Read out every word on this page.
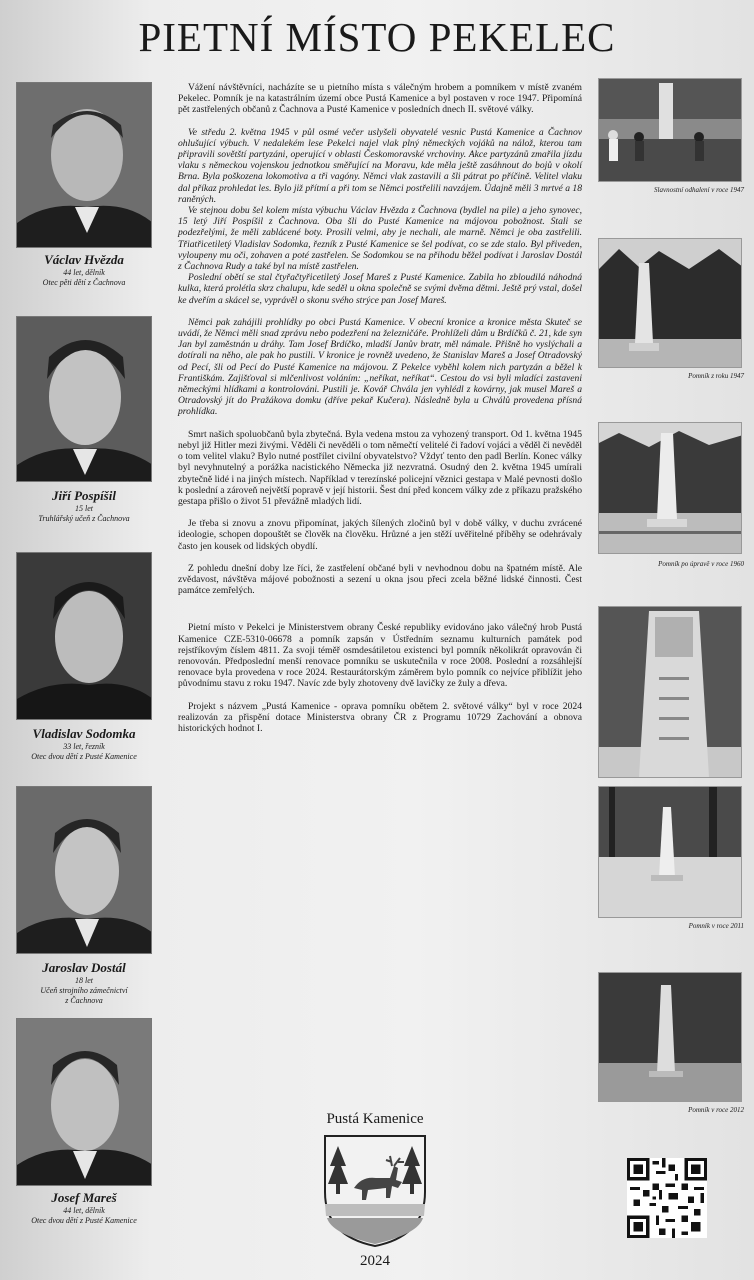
PIETNÍ MÍSTO PEKELEC
Václav Hvězda
44 let, dělník
Otec pěti dětí z Čachnova
Jiří Pospíšil
15 let
Truhlářský učeň z Čachnova
Vladislav Sodomka
33 let, řezník
Otec dvou dětí z Pusté Kamenice
Jaroslav Dostál
18 let
Učeň strojního zámečnictví
z Čachnova
Josef Mareš
44 let, dělník
Otec dvou dětí z Pusté Kamenice

Vážení návštěvníci, nacházíte se u pietního místa s válečným hrobem a pomníkem v místě zvaném Pekelec. Pomník je na katastrálním území obce Pustá Kamenice a byl postaven v roce 1947. Připomíná pět zastřelených občanů z Čachnova a Pusté Kamenice v posledních dnech II. světové války.

Ve středu 2. května 1945 v půl osmé večer uslyšeli obyvatelé vesnic Pustá Kamenice a Čachnov ohlušující výbuch. V nedalekém lese Pekelci najel vlak plný německých vojáků na nálož, kterou tam připravili sovětští partyzáni, operující v oblasti Českomoravské vrchoviny. Akce partyzánů zmařila jízdu vlaku s německou vojenskou jednotkou směřující na Moravu, kde měla ještě zasáhnout do bojů v okolí Brna. Byla poškozena lokomotiva a tři vagóny. Němci vlak zastavili a šli pátrat po příčině. Velitel vlaku dal příkaz prohledat les. Bylo již přítmí a při tom se Němci postřelili navzájem. Údajně měli 3 mrtvé a 18 raněných.

Ve stejnou dobu šel kolem místa výbuchu Václav Hvězda z Čachnova (bydlel na pile) a jeho synovec, 15 letý Jiří Pospíšil z Čachnova. Oba šli do Pusté Kamenice na májovou pobožnost. Stali se podezřelými, že měli zablácené boty. Prosili velmi, aby je nechali, ale marně. Němci je oba zastřelili. Třiatřicetiletý Vladislav Sodomka, řezník z Pusté Kamenice se šel podívat, co se zde stalo. Byl přiveden, vyloupeny mu oči, zohaven a poté zastřelen. Se Sodomkou se na přihodu běžel podívat i Jaroslav Dostál z Čachnova Rudy a také byl na místě zastřelen.

Poslední obětí se stal čtyřačtyřicetiletý Josef Mareš z Pusté Kamenice. Zabila ho zbloudilá náhodná kulka, která prolétla skrz chalupu, kde seděl u okna společně se svými dvěma dětmi. Ještě prý vstal, došel ke dveřím a skácel se, vyprávěl o skonu svého strýce pan Josef Mareš.

Němci pak zahájili prohlídky po obci Pustá Kamenice. V obecní kronice a kronice města Skuteč se uvádí, že Němci měli snad zprávu nebo podezření na železničáře. Prohlíželi dům u Brdíčků č. 21, kde syn Jan byl zaměstnán u dráhy. Tam Josef Brdíčko, mladší Janův bratr, měl námale. Přišně ho vyslýchali a dotírali na něho, ale pak ho pustili. V kronice je rovněž uvedeno, že Stanislav Mareš a Josef Otradovský od Pecí, šli od Pecí do Pusté Kamenice na májovou. Z Pekelce vyběhl kolem nich partyzán a běžel k Františkám. Zajišťoval si mlčenlivost voláním: „neříkat, neříkat“. Cestou do vsi byli mladíci zastaveni německými hlídkami a kontrolováni. Pustili je. Kovář Chvála jen vyhlédl z kovárny, jak musel Mareš a Otradovský jít do Pražákova domku (dříve pekař Kučera). Následně byla u Chválů provedena přísná prohlídka.

Smrt našich spoluobčanů byla zbytečná. Byla vedena mstou za vyhozený transport. Od 1. května 1945 nebyl již Hitler mezi živými. Věděli či nevěděli o tom němečtí velitelé či řadoví vojáci a věděl či nevěděl o tom velitel vlaku? Bylo nutné postřílet civilní obyvatelstvo? Vždyť tento den padl Berlín. Konec války byl nevyhnutelný a porážka nacistického Německa již nezvratná. Osudný den 2. května 1945 umírali zbytečně lidé i na jiných místech. Například v terezínské policejní věznici gestapa v Malé pevnosti došlo k poslední a zároveň největší popravě v její historii. Šest dní před koncem války zde z příkazu pražského gestapa přišlo o život 51 převážně mladých lidí.

Je třeba si znovu a znovu připomínat, jakých šílených zločinů byl v době války, v duchu zvrácené ideologie, schopen dopouštět se člověk na člověku. Hrůzné a jen stěží uvěřitelné příběhy se odehrávaly často jen kousek od lidských obydlí.

Z pohledu dnešní doby lze říci, že zastřelení občané byli v nevhodnou dobu na špatném místě. Ale zvědavost, návštěva májové pobožnosti a sezení u okna jsou přeci zcela běžné lidské činnosti. Čest památce zemřelých.

Pietní místo v Pekelci je Ministerstvem obrany České republiky evidováno jako válečný hrob Pustá Kamenice CZE-5310-06678 a pomník zapsán v Ústředním seznamu kulturních památek pod rejstříkovým číslem 4811. Za svoji téměř osmdesátiletou existenci byl pomník několikrát opravován či renovován. Předposlední menší renovace pomníku se uskutečnila v roce 2008. Poslední a rozsáhlejší renovace byla provedena v roce 2024. Restaurátorským záměrem bylo pomník co nejvíce přiblížit jeho původnímu stavu z roku 1947. Navíc zde byly zhotoveny dvě lavičky ze žuly a dřeva.

Projekt s názvem „Pustá Kamenice - oprava pomníku obětem 2. světové války“ byl v roce 2024 realizován za přispění dotace Ministerstva obrany ČR z Programu 10729 Zachování a obnova historických hodnot I.

Slavnostní odhalení v roce 1947
Pomník z roku 1947
Pomník po úpravě v roce 1960
Pomník v roce 2011
Pomník v roce 2012
Pustá Kamenice
2024
